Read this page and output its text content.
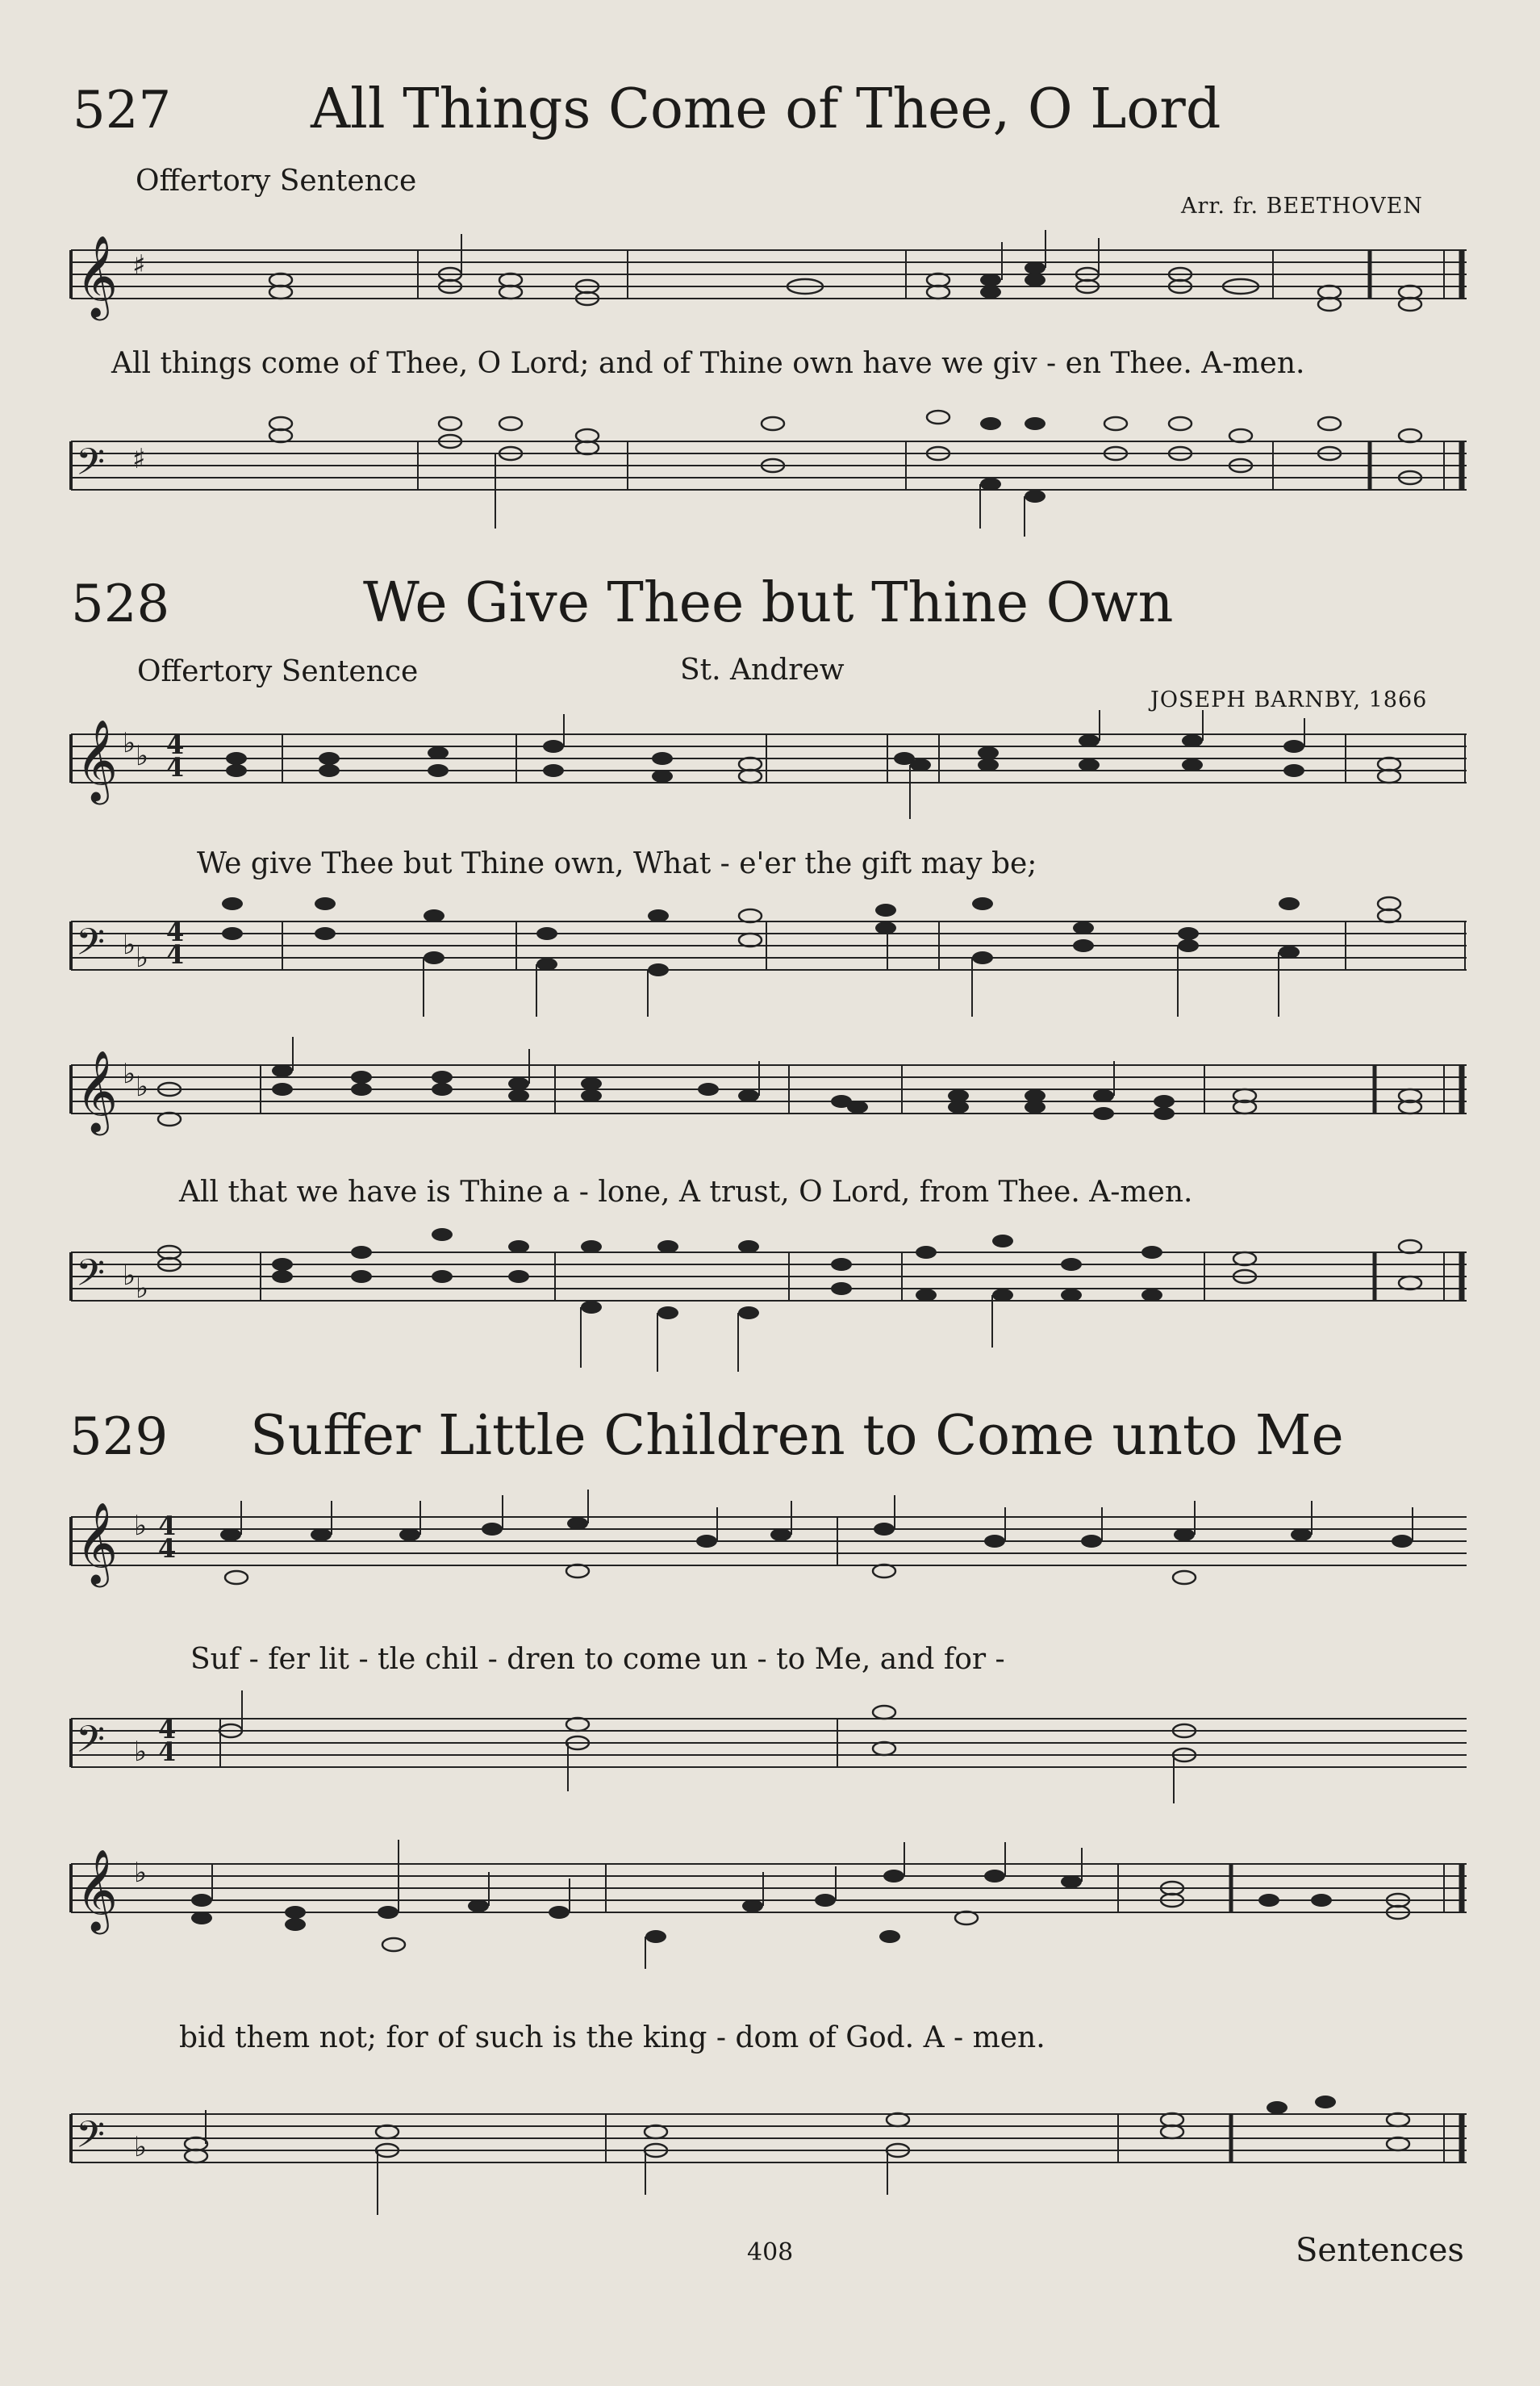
527	All Things Come of Thee, O Lord
Offertory Sentence
Arr. fr. BEETHOVEN
𝄞 ♯
All things come of Thee, O Lord; and of Thine own have we giv - en Thee. A-men.
𝄢 ♯
528	We Give Thee but Thine Own
Offertory Sentence	St. Andrew
JOSEPH BARNBY, 1866
𝄞 ♭ ♭ 4
4
We give Thee but Thine own, What - e'er the gift may be;
𝄢 ♭ ♭
4
4
𝄞 ♭ ♭
All that we have is Thine a - lone, A trust, O Lord, from Thee. A-men.
𝄢 ♭ ♭
529 Suffer Little Children to Come unto Me
𝄞 ♭ 4
4
Suf - fer lit - tle chil - dren to come un - to Me, and for -
𝄢 ♭
4
4
𝄞 ♭
bid them not; for of such is the king - dom of God. A - men.
𝄢 ♭
408	Sentences
